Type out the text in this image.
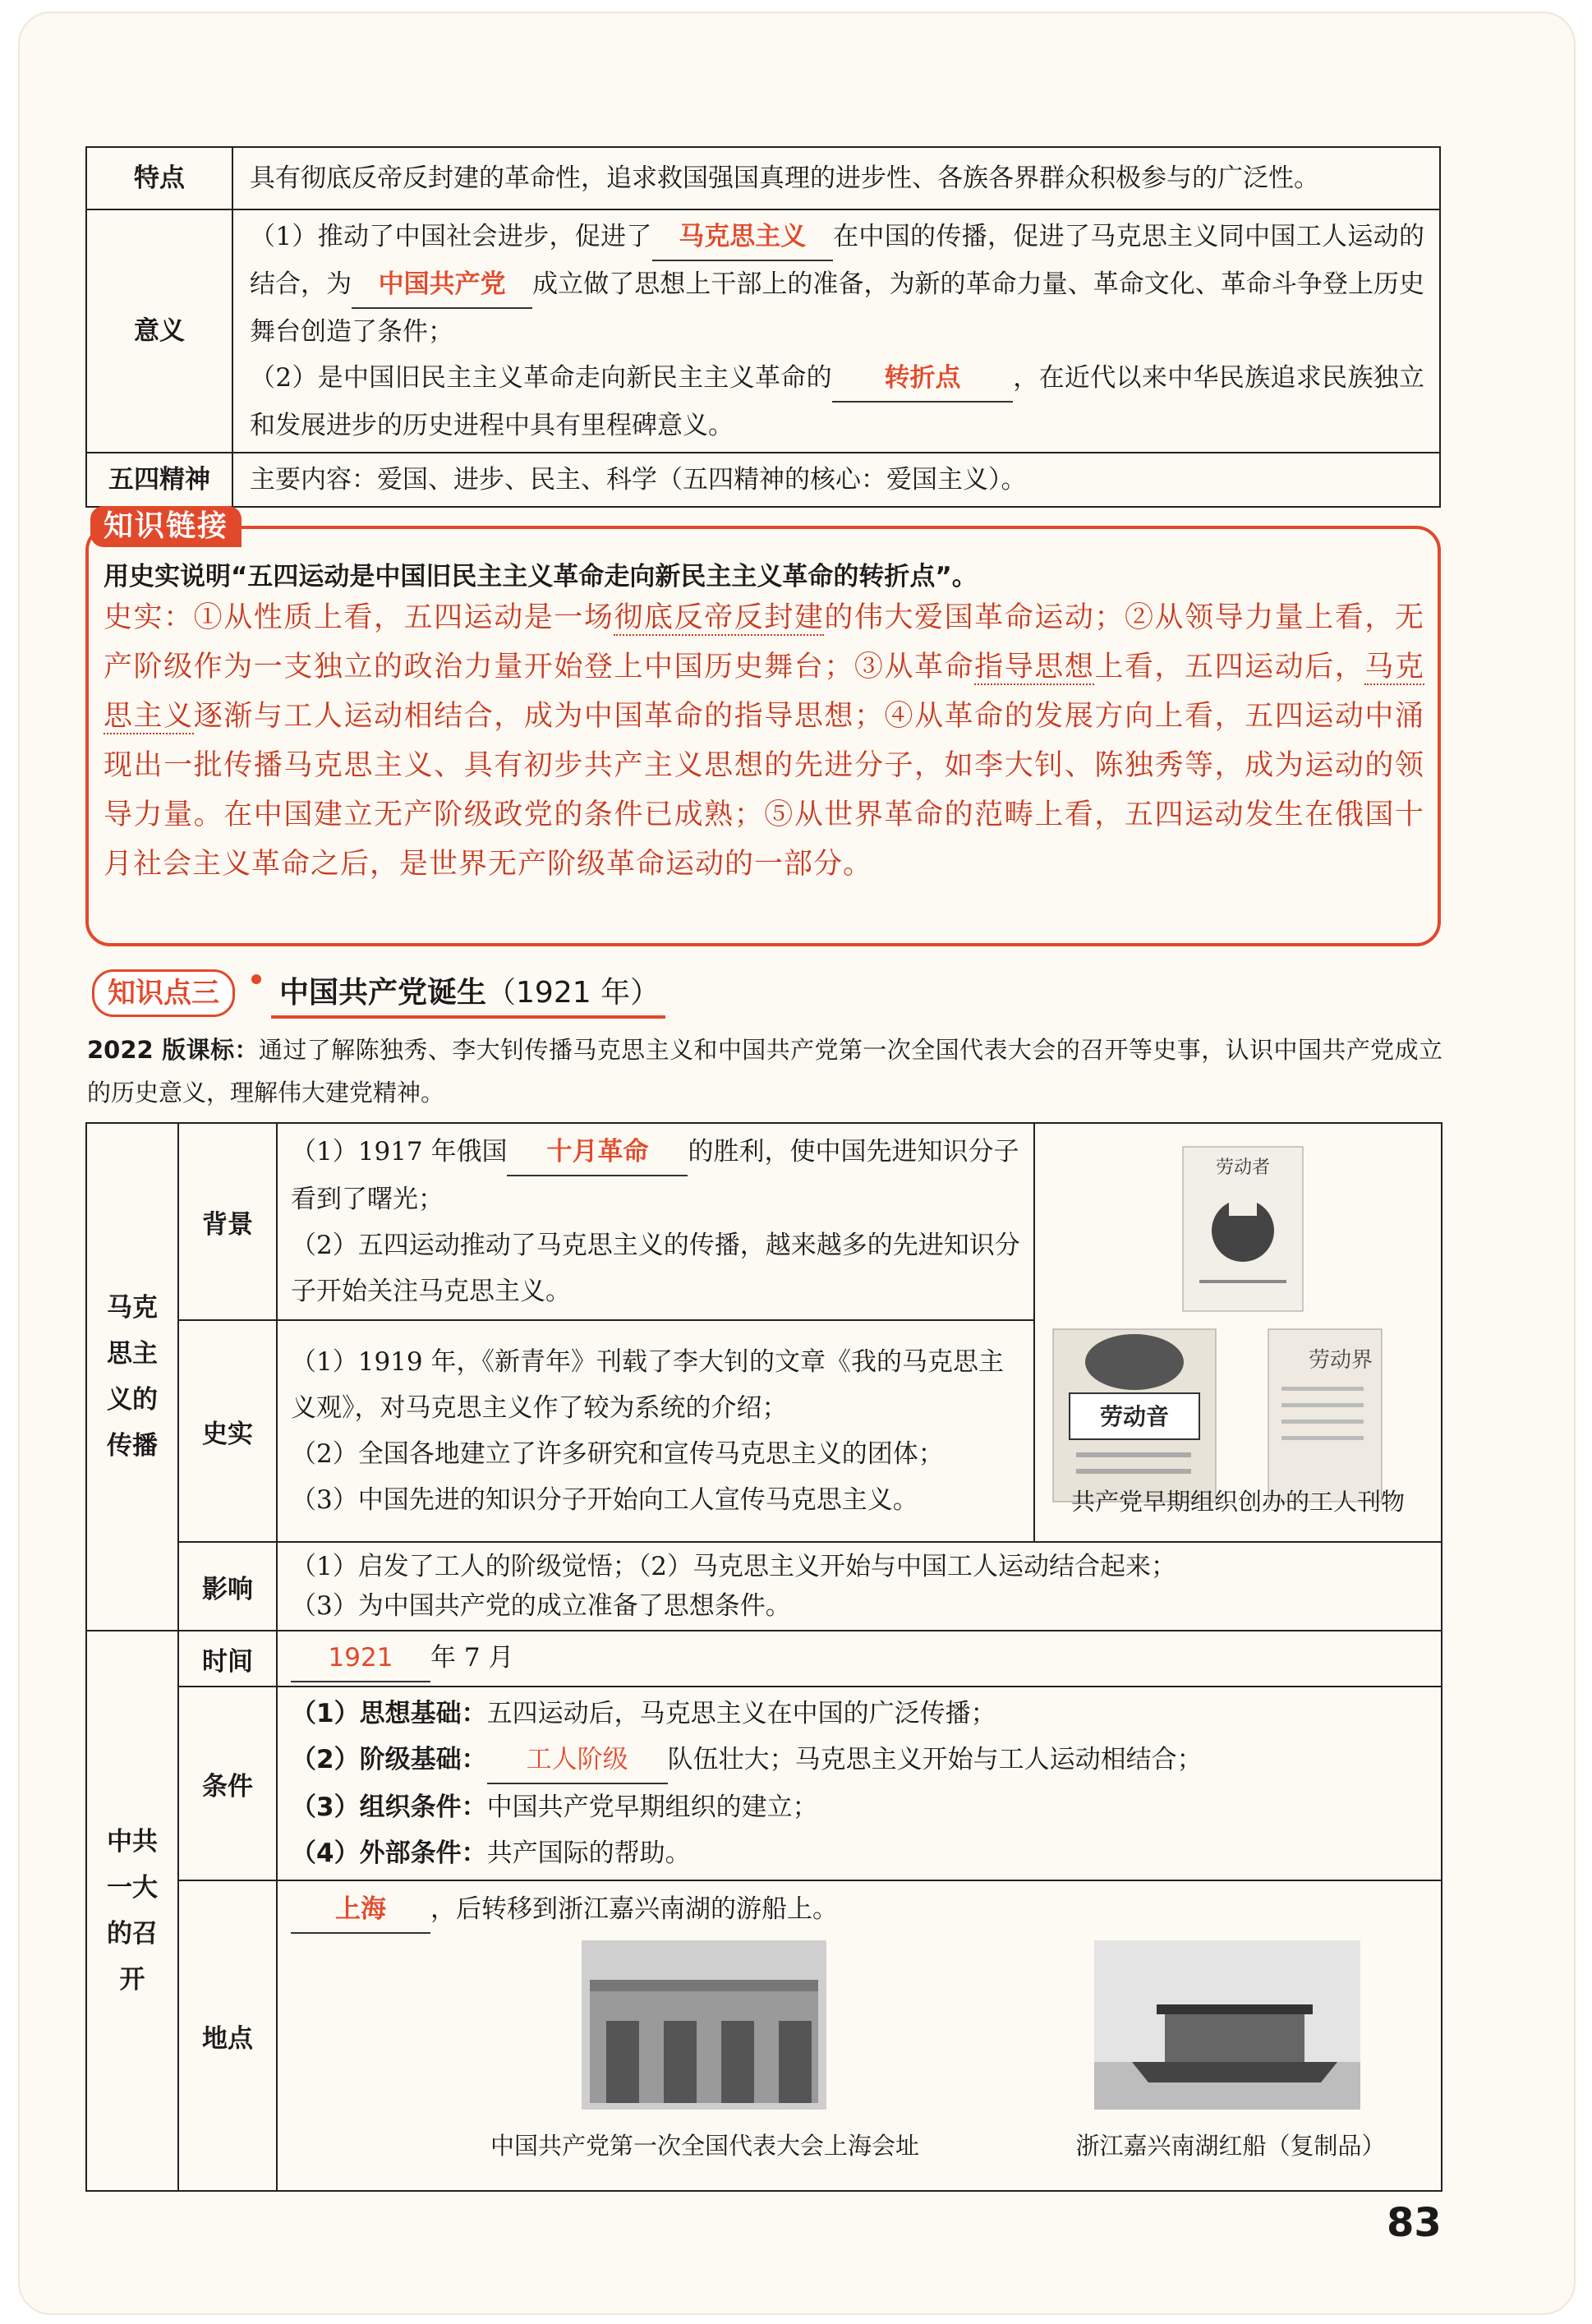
特点	具有彻底反帝反封建的革命性，追求救国强国真理的进步性、各族各界群众积极参与的广泛性。
意义	（1）推动了中国社会进步，促进了 马克思主义 在中国的传播，促进了马克思主义同中国工人运动的结合，为 中国共产党 成立做了思想上干部上的准备，为新的革命力量、革命文化、革命斗争登上历史舞台创造了条件；
（2）是中国旧民主主义革命走向新民主主义革命的 转折点 ，在近代以来中华民族追求民族独立和发展进步的历史进程中具有里程碑意义。
五四精神	主要内容：爱国、进步、民主、科学（五四精神的核心：爱国主义）。
知识链接
用史实说明“五四运动是中国旧民主主义革命走向新民主主义革命的转折点”。
史实：①从性质上看，五四运动是一场彻底反帝反封建的伟大爱国革命运动；②从领导力量上看，无产阶级作为一支独立的政治力量开始登上中国历史舞台；③从革命指导思想上看，五四运动后，马克思主义逐渐与工人运动相结合，成为中国革命的指导思想；④从革命的发展方向上看，五四运动中涌现出一批传播马克思主义、具有初步共产主义思想的先进分子，如李大钊、陈独秀等，成为运动的领导力量。在中国建立无产阶级政党的条件已成熟；⑤从世界革命的范畴上看，五四运动发生在俄国十月社会主义革命之后，是世界无产阶级革命运动的一部分。
知识点三	中国共产党诞生（1921 年）
2022 版课标：通过了解陈独秀、李大钊传播马克思主义和中国共产党第一次全国代表大会的召开等史事，认识中国共产党成立的历史意义，理解伟大建党精神。
马克思主义的传播	背景	（1）1917 年俄国 十月革命 的胜利，使中国先进知识分子看到了曙光；
（2）五四运动推动了马克思主义的传播，越来越多的先进知识分子开始关注马克思主义。	劳动者
劳动音
劳动界
共产党早期组织创办的工人刊物

	史实	（1）1919 年，《新青年》刊载了李大钊的文章《我的马克思主义观》，对马克思主义作了较为系统的介绍；
（2）全国各地建立了许多研究和宣传马克思主义的团体；
（3）中国先进的知识分子开始向工人宣传马克思主义。	
	影响	（1）启发了工人的阶级觉悟；（2）马克思主义开始与中国工人运动结合起来；
（3）为中国共产党的成立准备了思想条件。	

中共一大的召开	时间	1921 年 7 月	
	条件	（1）思想基础：五四运动后，马克思主义在中国的广泛传播；
（2）阶级基础： 工人阶级 队伍壮大；马克思主义开始与工人运动相结合；
（3）组织条件：中国共产党早期组织的建立；
（4）外部条件：共产国际的帮助。	
	地点	上海 ，后转移到浙江嘉兴南湖的游船上。
中国共产党第一次全国代表大会上海会址 浙江嘉兴南湖红船（复制品）	
83
